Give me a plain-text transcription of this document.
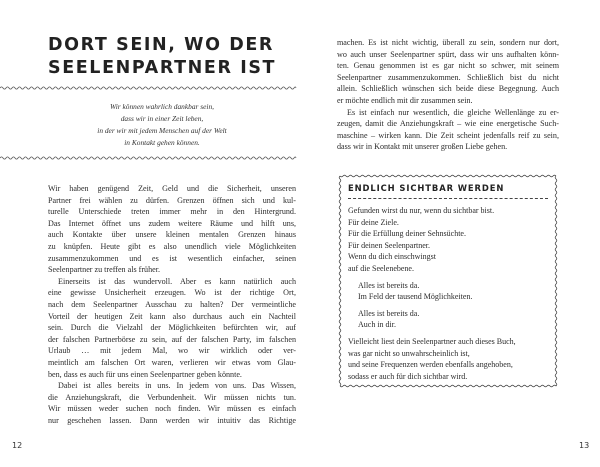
DORT SEIN, WO DER
SEELENPARTNER IST
Wir können wahrlich dankbar sein,
dass wir in einer Zeit leben,
in der wir mit jedem Menschen auf der Welt
in Kontakt gehen können.
Wir haben genügend Zeit, Geld und die Sicherheit, unseren
Partner frei wählen zu dürfen. Grenzen öffnen sich und kul-
turelle Unterschiede treten immer mehr in den Hintergrund.
Das Internet öffnet uns zudem weitere Räume und hilft uns,
auch Kontakte über unsere kleinen mentalen Grenzen hinaus
zu knüpfen. Heute gibt es also unendlich viele Möglichkeiten
zusammenzukommen und es ist wesentlich einfacher, seinen
Seelenpartner zu treffen als früher.
Einerseits ist das wundervoll. Aber es kann natürlich auch
eine gewisse Unsicherheit erzeugen. Wo ist der richtige Ort,
nach dem Seelenpartner Ausschau zu halten? Der vermeintliche
Vorteil der heutigen Zeit kann also durchaus auch ein Nachteil
sein. Durch die Vielzahl der Möglichkeiten befürchten wir, auf
der falschen Partnerbörse zu sein, auf der falschen Party, im falschen
Urlaub … mit jedem Mal, wo wir wirklich oder ver-
meintlich am falschen Ort waren, verlieren wir etwas vom Glau-
ben, dass es auch für uns einen Seelenpartner geben könnte.
Dabei ist alles bereits in uns. In jedem von uns. Das Wissen,
die Anziehungskraft, die Verbundenheit. Wir müssen nichts tun.
Wir müssen weder suchen noch finden. Wir müssen es einfach
nur geschehen lassen. Dann werden wir intuitiv das Richtige
12
machen. Es ist nicht wichtig, überall zu sein, sondern nur dort,
wo auch unser Seelenpartner spürt, dass wir uns aufhalten könn-
ten. Genau genommen ist es gar nicht so schwer, mit seinem
Seelenpartner zusammenzukommen. Schließlich bist du nicht
allein. Schließlich wünschen sich beide diese Begegnung. Auch
er möchte endlich mit dir zusammen sein.
Es ist einfach nur wesentlich, die gleiche Wellenlänge zu er-
zeugen, damit die Anziehungskraft – wie eine energetische Such-
maschine – wirken kann. Die Zeit scheint jedenfalls reif zu sein,
dass wir in Kontakt mit unserer großen Liebe gehen.
ENDLICH SICHTBAR WERDEN
Gefunden wirst du nur, wenn du sichtbar bist.
Für deine Ziele.
Für die Erfüllung deiner Sehnsüchte.
Für deinen Seelenpartner.
Wenn du dich einschwingst
auf die Seelenebene.
Alles ist bereits da.
Im Feld der tausend Möglichkeiten.
Alles ist bereits da.
Auch in dir.
Vielleicht liest dein Seelenpartner auch dieses Buch,
was gar nicht so unwahrscheinlich ist,
und seine Frequenzen werden ebenfalls angehoben,
sodass er auch für dich sichtbar wird.
13
